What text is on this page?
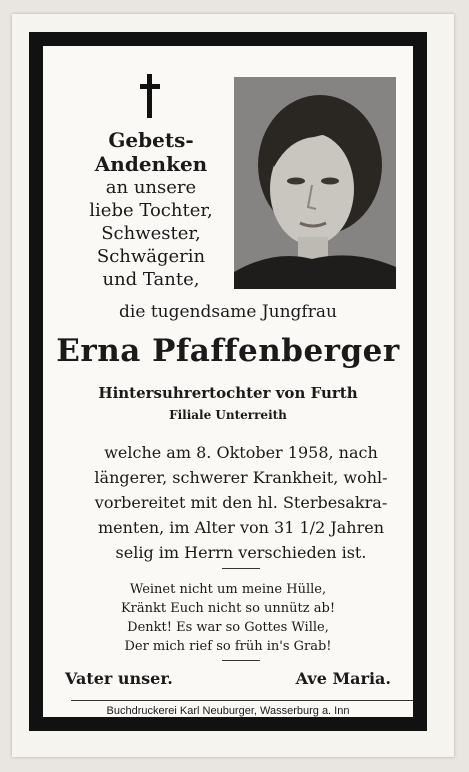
Gebets-
Andenken
an unsere
liebe Tochter,
Schwester,
Schwägerin
und Tante,
die tugendsame Jungfrau
Erna Pfaffenberger
Hintersuhrertochter von Furth
Filiale Unterreith
welche am 8. Oktober 1958, nach
längerer, schwerer Krankheit, wohl-
vorbereitet mit den hl. Sterbesakra-
menten, im Alter von 31 1/2 Jahren
selig im Herrn verschieden ist.
Weinet nicht um meine Hülle,
Kränkt Euch nicht so unnütz ab!
Denkt! Es war so Gottes Wille,
Der mich rief so früh in's Grab!
Vater unser.	Ave Maria.
Buchdruckerei Karl Neuburger, Wasserburg a. Inn
